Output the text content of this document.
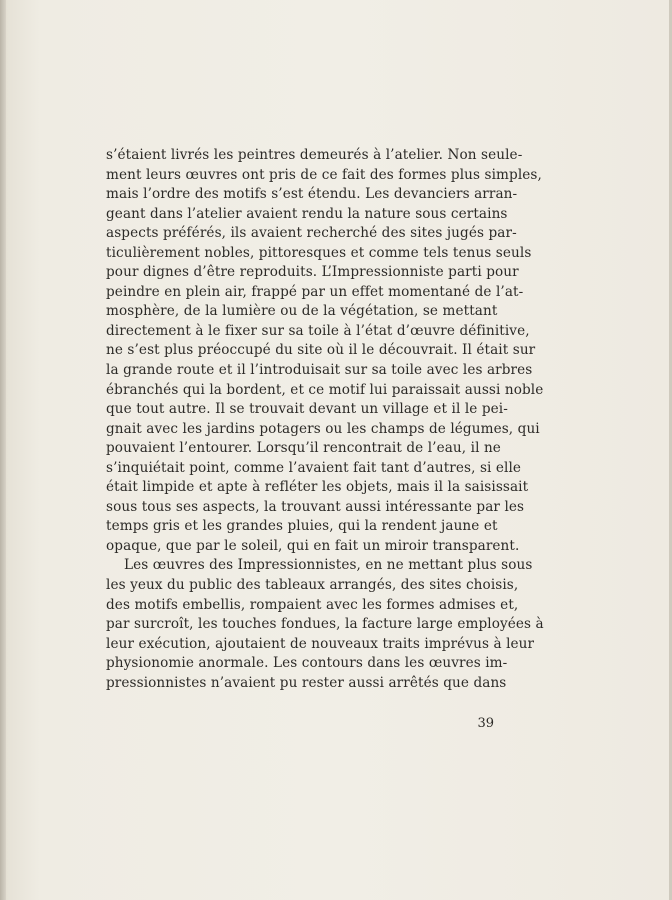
s’étaient livrés les peintres demeurés à l’atelier. Non seule-
ment leurs œuvres ont pris de ce fait des formes plus simples,
mais l’ordre des motifs s’est étendu. Les devanciers arran-
geant dans l’atelier avaient rendu la nature sous certains
aspects préférés, ils avaient recherché des sites jugés par-
ticulièrement nobles, pittoresques et comme tels tenus seuls
pour dignes d’être reproduits. L’Impressionniste parti pour
peindre en plein air, frappé par un effet momentané de l’at-
mosphère, de la lumière ou de la végétation, se mettant
directement à le fixer sur sa toile à l’état d’œuvre définitive,
ne s’est plus préoccupé du site où il le découvrait. Il était sur
la grande route et il l’introduisait sur sa toile avec les arbres
ébranchés qui la bordent, et ce motif lui paraissait aussi noble
que tout autre. Il se trouvait devant un village et il le pei-
gnait avec les jardins potagers ou les champs de légumes, qui
pouvaient l’entourer. Lorsqu’il rencontrait de l’eau, il ne
s’inquiétait point, comme l’avaient fait tant d’autres, si elle
était limpide et apte à refléter les objets, mais il la saisissait
sous tous ses aspects, la trouvant aussi intéressante par les
temps gris et les grandes pluies, qui la rendent jaune et
opaque, que par le soleil, qui en fait un miroir transparent.
Les œuvres des Impressionnistes, en ne mettant plus sous
les yeux du public des tableaux arrangés, des sites choisis,
des motifs embellis, rompaient avec les formes admises et,
par surcroît, les touches fondues, la facture large employées à
leur exécution, ajoutaient de nouveaux traits imprévus à leur
physionomie anormale. Les contours dans les œuvres im-
pressionnistes n’avaient pu rester aussi arrêtés que dans
39
